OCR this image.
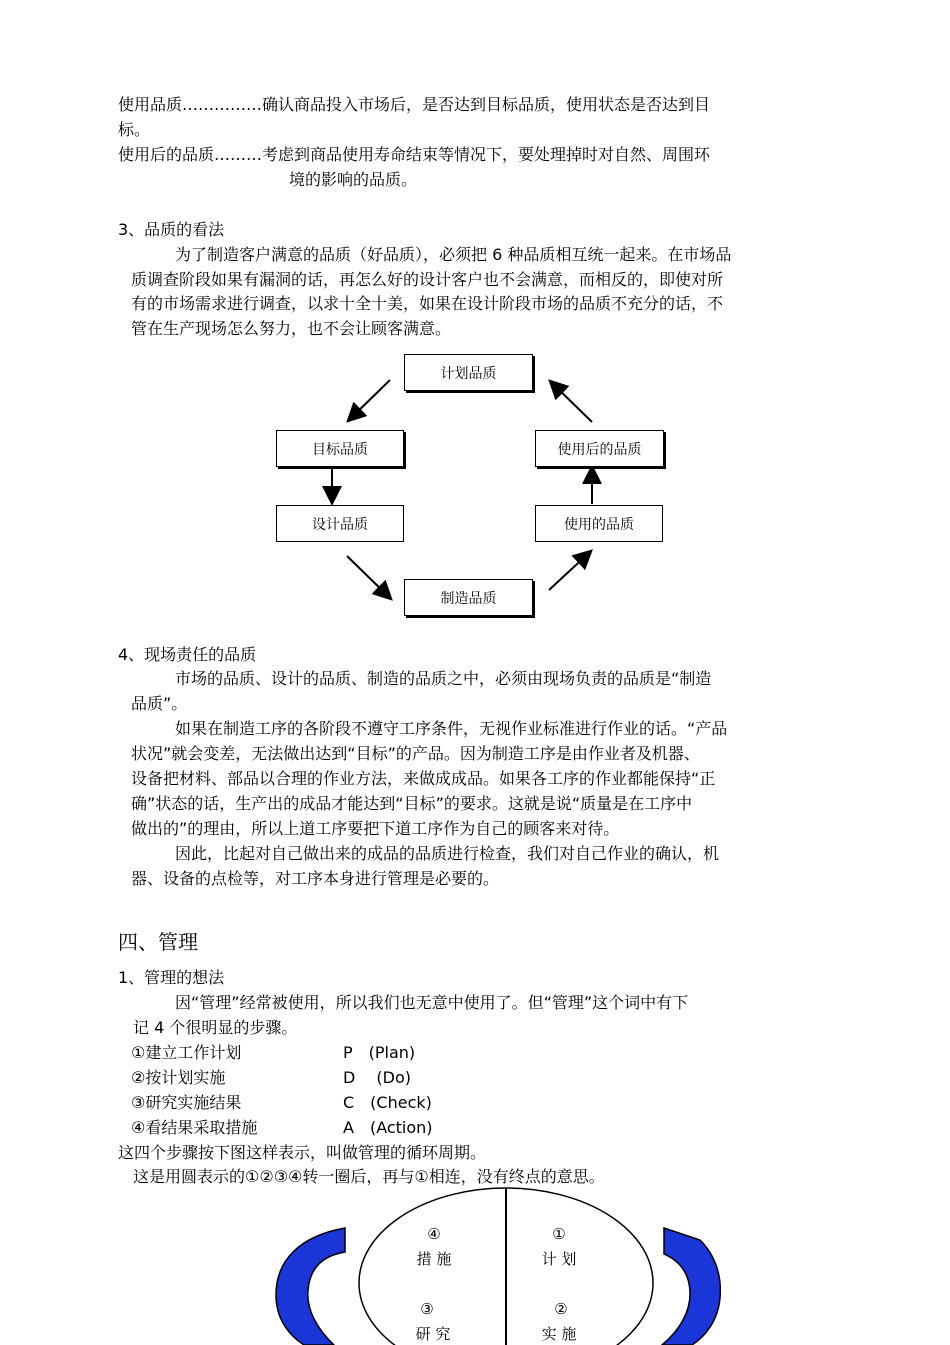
使用品质……………确认商品投入市场后，是否达到目标品质，使用状态是否达到目
标。
使用后的品质………考虑到商品使用寿命结束等情况下，要处理掉时对自然、周围环
境的影响的品质。
3、品质的看法
为了制造客户满意的品质（好品质），必须把 6 种品质相互统一起来。在市场品
质调查阶段如果有漏洞的话，再怎么好的设计客户也不会满意，而相反的，即使对所
有的市场需求进行调查，以求十全十美，如果在设计阶段市场的品质不充分的话，不
管在生产现场怎么努力，也不会让顾客满意。
计划品质
目标品质	使用后的品质
设计品质	使用的品质
制造品质
4、现场责任的品质
市场的品质、设计的品质、制造的品质之中，必须由现场负责的品质是“制造
品质”。
如果在制造工序的各阶段不遵守工序条件，无视作业标准进行作业的话。“产品
状况”就会变差，无法做出达到“目标”的产品。因为制造工序是由作业者及机器、
设备把材料、部品以合理的作业方法，来做成成品。如果各工序的作业都能保持“正
确”状态的话，生产出的成品才能达到“目标”的要求。这就是说“质量是在工序中
做出的”的理由，所以上道工序要把下道工序作为自己的顾客来对待。
因此，比起对自己做出来的成品的品质进行检查，我们对自己作业的确认，机
器、设备的点检等，对工序本身进行管理是必要的。
四、管理
1、管理的想法
因“管理”经常被使用，所以我们也无意中使用了。但“管理”这个词中有下
记 4 个很明显的步骤。
①建立工作计划	P　(Plan)
②按计划实施	D　 (Do)
③研究实施结果	C　(Check)
④看结果采取措施	A　(Action)
这四个步骤按下图这样表示，叫做管理的循环周期。
这是用圆表示的①②③④转一圈后，再与①相连，没有终点的意思。
④
措 施
①
计 划
③
研 究
②
实 施
